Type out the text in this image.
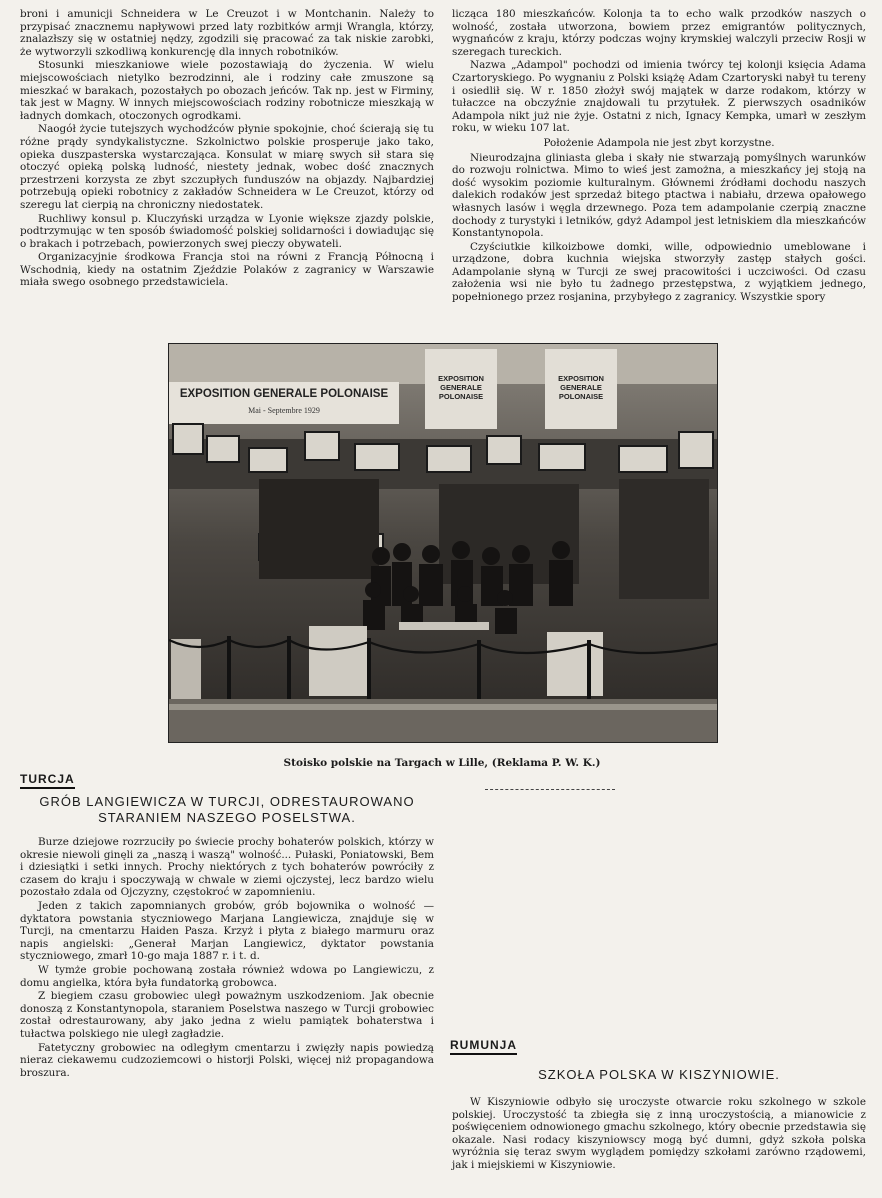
broni i amunicji Schneidera w Le Creuzot i w Montchanin. Należy to przypisać znacznemu napływowi przed laty rozbitków armji Wrangla, którzy, znalazłszy się w ostatniej nędzy, zgodzili się pracować za tak niskie zarobki, że wytworzyli szkodliwą konkurencję dla innych robotników.

Stosunki mieszkaniowe wiele pozostawiają do życzenia. W wielu miejscowościach nietylko bezrodzinni, ale i rodziny całe zmuszone są mieszkać w barakach, pozostałych po obozach jeńców. Tak np. jest w Firminy, tak jest w Magny. W innych miejscowościach rodziny robotnicze mieszkają w ładnych domkach, otoczonych ogrodkami.

Naogół życie tutejszych wychodźców płynie spokojnie, choć ścierają się tu różne prądy syndykalistyczne. Szkolnictwo polskie prosperuje jako tako, opieka duszpasterska wystarczająca. Konsulat w miarę swych sił stara się otoczyć opieką polską ludność, niestety jednak, wobec dość znacznych przestrzeni korzysta ze zbyt szczupłych funduszów na objazdy. Najbardziej potrzebują opieki robotnicy z zakładów Schneidera w Le Creuzot, którzy od szeregu lat cierpią na chroniczny niedostatek.

Ruchliwy konsul p. Kluczyński urządza w Lyonie większe zjazdy polskie, podtrzymując w ten sposób świadomość polskiej solidarności i dowiadując się o brakach i potrzebach, powierzonych swej pieczy obywateli.

Organizacyjnie środkowa Francja stoi na równi z Francją Północną i Wschodnią, kiedy na ostatnim Zjeździe Polaków z zagranicy w Warszawie miała swego osobnego przedstawiciela.

licząca 180 mieszkańców. Kolonja ta to echo walk przodków naszych o wolność, została utworzona, bowiem przez emigrantów politycznych, wygnańców z kraju, którzy podczas wojny krymskiej walczyli przeciw Rosji w szeregach tureckich.

Nazwa „Adampol" pochodzi od imienia twórcy tej kolonji księcia Adama Czartoryskiego. Po wygnaniu z Polski książę Adam Czartoryski nabył tu tereny i osiedlił się. W r. 1850 złożył swój majątek w darze rodakom, którzy w tułaczce na obczyźnie znajdowali tu przytułek. Z pierwszych osadników Adampola nikt już nie żyje. Ostatni z nich, Ignacy Kempka, umarł w zeszłym roku, w wieku 107 lat.

Położenie Adampola nie jest zbyt korzystne.

Nieurodzajna gliniasta gleba i skały nie stwarzają pomyślnych warunków do rozwoju rolnictwa. Mimo to wieś jest zamożna, a mieszkańcy jej stoją na dość wysokim poziomie kulturalnym. Głównemi źródłami dochodu naszych dalekich rodaków jest sprzedaż bitego ptactwa i nabiału, drzewa opałowego własnych lasów i węgla drzewnego. Poza tem adampolanie czerpią znaczne dochody z turystyki i letników, gdyż Adampol jest letniskiem dla mieszkańców Konstantynopola.

Czyściutkie kilkoizbowe domki, wille, odpowiednio umeblowane i urządzone, dobra kuchnia wiejska stworzyły zastęp stałych gości. Adampolanie słyną w Turcji ze swej pracowitości i uczciwości. Od czasu założenia wsi nie było tu żadnego przestępstwa, z wyjątkiem jednego, popełnionego przez rosjanina, przybyłego z zagranicy. Wszystkie spory

EXPOSITION GENERALE POLONAISE
Mai - Septembre 1929
EXPOSITION GENERALE POLONAISE
EXPOSITION GENERALE POLONAISE
Stoisko polskie na Targach w Lille, (Reklama P. W. K.)
TURCJA
GRÓB LANGIEWICZA W TURCJI, ODRESTAUROWANO STARANIEM NASZEGO POSELSTWA.

Burze dziejowe rozrzuciły po świecie prochy bohaterów polskich, którzy w okresie niewoli ginęli za „naszą i waszą" wolność... Pułaski, Poniatowski, Bem i dziesiątki i setki innych. Prochy niektórych z tych bohaterów powróciły z czasem do kraju i spoczywają w chwale w ziemi ojczystej, lecz bardzo wielu pozostało zdala od Ojczyzny, częstokroć w zapomnieniu.

Jeden z takich zapomnianych grobów, grób bojownika o wolność — dyktatora powstania styczniowego Marjana Langiewicza, znajduje się w Turcji, na cmentarzu Haiden Pasza. Krzyż i płyta z białego marmuru oraz napis angielski: „Generał Marjan Langiewicz, dyktator powstania styczniowego, zmarł 10-go maja 1887 r. i t. d.

W tymże grobie pochowaną została również wdowa po Langiewiczu, z domu angielka, która była fundatorką grobowca.

Z biegiem czasu grobowiec uległ poważnym uszkodzeniom. Jak obecnie donoszą z Konstantynopola, staraniem Poselstwa naszego w Turcji grobowiec został odrestaurowany, aby jako jedna z wielu pamiątek bohaterstwa i tułactwa polskiego nie uległ zagładzie.

Fatetyczny grobowiec na odległym cmentarzu i zwięzły napis powiedzą nieraz ciekawemu cudzoziemcowi o historji Polski, więcej niż propagandowa broszura.

RUMUNJA
SZKOŁA POLSKA W KISZYNIOWIE.

W Kiszyniowie odbyło się uroczyste otwarcie roku szkolnego w szkole polskiej. Uroczystość ta zbiegła się z inną uroczystością, a mianowicie z poświęceniem odnowionego gmachu szkolnego, który obecnie przedstawia się okazale. Nasi rodacy kiszyniowscy mogą być dumni, gdyż szkoła polska wyróżnia się teraz swym wyglądem pomiędzy szkołami zarówno rządowemi, jak i miejskiemi w Kiszyniowie.
